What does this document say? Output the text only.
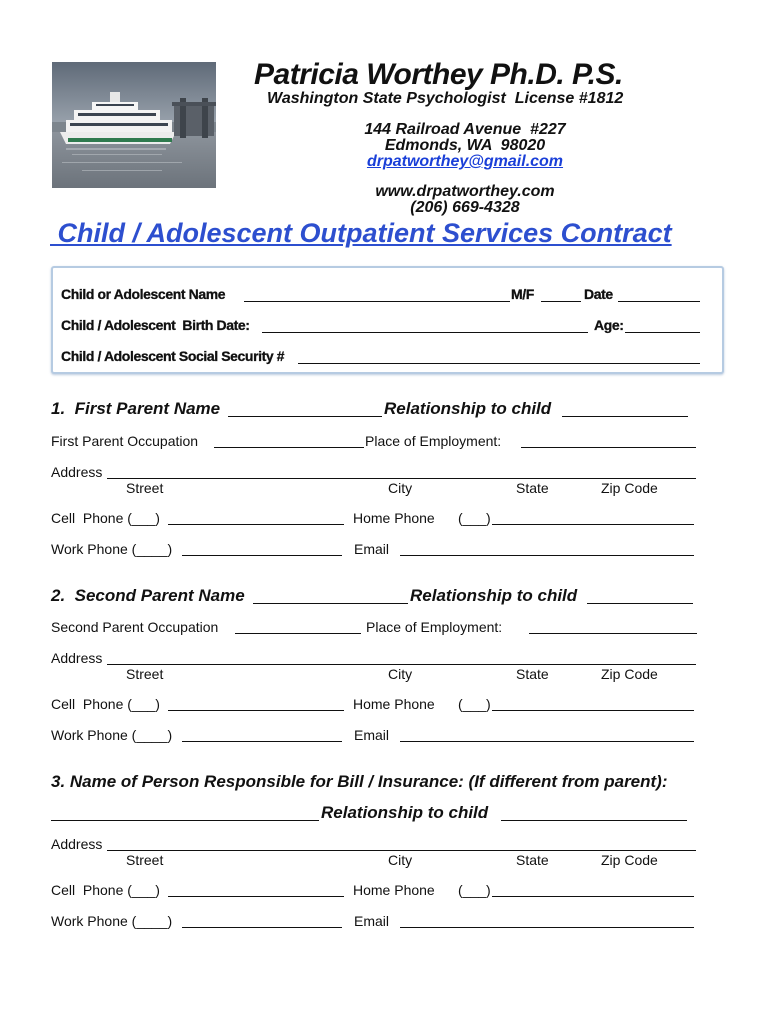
Patricia Worthey Ph.D. P.S.
Washington State Psychologist  License #1812
144 Railroad Avenue  #227
Edmonds, WA  98020
drpatworthey@gmail.com
www.drpatworthey.com
(206) 669-4328
Child / Adolescent Outpatient Services Contract
Child or Adolescent Name	M/F	Date
Child / Adolescent  Birth Date:	Age:
Child / Adolescent Social Security #
1.  First Parent Name	Relationship to child
First Parent Occupation	Place of Employment:
Address
Street	City	State	Zip Code
Cell  Phone (___)	Home Phone (___)
Work Phone (____)	Email
2.  Second Parent Name	Relationship to child
Second Parent Occupation	Place of Employment:
Address
Street	City	State	Zip Code
Cell  Phone (___)	Home Phone (___)
Work Phone (____)	Email
3. Name of Person Responsible for Bill / Insurance: (If different from parent):
Relationship to child
Address
Street	City	State	Zip Code
Cell  Phone (___)	Home Phone (___)
Work Phone (____)	Email
